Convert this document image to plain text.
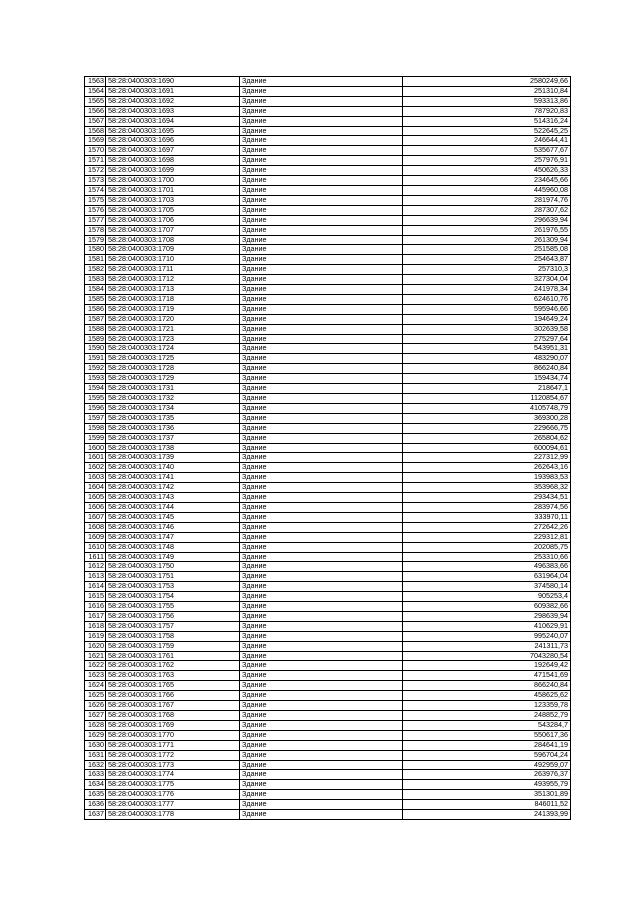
1563	58:28:0400303:1690	Здание	2580249,66
1564	58:28:0400303:1691	Здание	251310,84
1565	58:28:0400303:1692	Здание	593313,86
1566	58:28:0400303:1693	Здание	787920,83
1567	58:28:0400303:1694	Здание	514316,24
1568	58:28:0400303:1695	Здание	522645,25
1569	58:28:0400303:1696	Здание	246644,41
1570	58:28:0400303:1697	Здание	535677,67
1571	58:28:0400303:1698	Здание	257976,91
1572	58:28:0400303:1699	Здание	450626,33
1573	58:28:0400303:1700	Здание	234645,66
1574	58:28:0400303:1701	Здание	445960,08
1575	58:28:0400303:1703	Здание	281974,76
1576	58:28:0400303:1705	Здание	287307,62
1577	58:28:0400303:1706	Здание	296639,94
1578	58:28:0400303:1707	Здание	261976,55
1579	58:28:0400303:1708	Здание	261309,94
1580	58:28:0400303:1709	Здание	251585,08
1581	58:28:0400303:1710	Здание	254643,87
1582	58:28:0400303:1711	Здание	257310,3
1583	58:28:0400303:1712	Здание	327304,04
1584	58:28:0400303:1713	Здание	241978,34
1585	58:28:0400303:1718	Здание	624610,76
1586	58:28:0400303:1719	Здание	595946,66
1587	58:28:0400303:1720	Здание	194649,24
1588	58:28:0400303:1721	Здание	302639,58
1589	58:28:0400303:1723	Здание	275297,64
1590	58:28:0400303:1724	Здание	543951,31
1591	58:28:0400303:1725	Здание	483290,07
1592	58:28:0400303:1728	Здание	866240,84
1593	58:28:0400303:1729	Здание	159434,74
1594	58:28:0400303:1731	Здание	218647,1
1595	58:28:0400303:1732	Здание	1120854,67
1596	58:28:0400303:1734	Здание	4105748,79
1597	58:28:0400303:1735	Здание	369300,28
1598	58:28:0400303:1736	Здание	229666,75
1599	58:28:0400303:1737	Здание	265804,62
1600	58:28:0400303:1738	Здание	600094,61
1601	58:28:0400303:1739	Здание	227312,99
1602	58:28:0400303:1740	Здание	262643,16
1603	58:28:0400303:1741	Здание	193983,53
1604	58:28:0400303:1742	Здание	353968,32
1605	58:28:0400303:1743	Здание	293434,51
1606	58:28:0400303:1744	Здание	283974,56
1607	58:28:0400303:1745	Здание	333970,11
1608	58:28:0400303:1746	Здание	272642,26
1609	58:28:0400303:1747	Здание	229312,81
1610	58:28:0400303:1748	Здание	202085,75
1611	58:28:0400303:1749	Здание	253310,66
1612	58:28:0400303:1750	Здание	496383,66
1613	58:28:0400303:1751	Здание	631964,04
1614	58:28:0400303:1753	Здание	374580,14
1615	58:28:0400303:1754	Здание	905253,4
1616	58:28:0400303:1755	Здание	609382,66
1617	58:28:0400303:1756	Здание	298639,94
1618	58:28:0400303:1757	Здание	410629,91
1619	58:28:0400303:1758	Здание	995240,07
1620	58:28:0400303:1759	Здание	241311,73
1621	58:28:0400303:1761	Здание	7043280,54
1622	58:28:0400303:1762	Здание	192649,42
1623	58:28:0400303:1763	Здание	471541,69
1624	58:28:0400303:1765	Здание	866240,84
1625	58:28:0400303:1766	Здание	458625,62
1626	58:28:0400303:1767	Здание	123359,78
1627	58:28:0400303:1768	Здание	248852,79
1628	58:28:0400303:1769	Здание	543284,7
1629	58:28:0400303:1770	Здание	550617,36
1630	58:28:0400303:1771	Здание	284641,19
1631	58:28:0400303:1772	Здание	596704,24
1632	58:28:0400303:1773	Здание	492959,07
1633	58:28:0400303:1774	Здание	263976,37
1634	58:28:0400303:1775	Здание	493955,79
1635	58:28:0400303:1776	Здание	351301,89
1636	58:28:0400303:1777	Здание	846011,52
1637	58:28:0400303:1778	Здание	241393,99
